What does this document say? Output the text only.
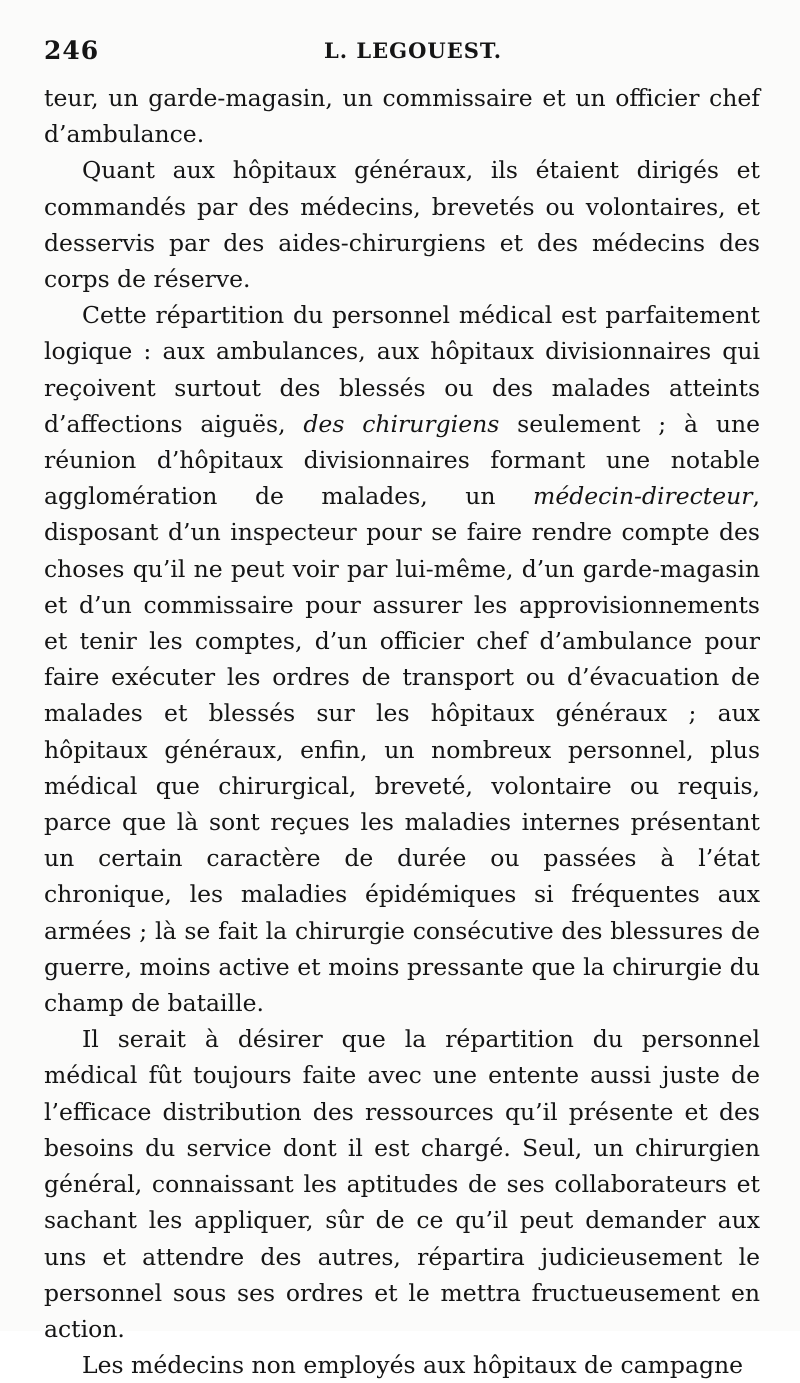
246	L. LEGOUEST.

teur, un garde-magasin, un commissaire et un officier chef d’ambulance.

Quant aux hôpitaux généraux, ils étaient dirigés et commandés par des médecins, brevetés ou volontaires, et desservis par des aides-chirurgiens et des médecins des corps de réserve.

Cette répartition du personnel médical est parfaitement logique : aux ambulances, aux hôpitaux divisionnaires qui reçoivent surtout des blessés ou des malades atteints d’affections aiguës, des chirurgiens seulement ; à une réunion d’hôpitaux divisionnaires formant une notable agglomération de malades, un médecin-directeur, disposant d’un inspecteur pour se faire rendre compte des choses qu’il ne peut voir par lui-même, d’un garde-magasin et d’un commissaire pour assurer les approvisionnements et tenir les comptes, d’un officier chef d’ambulance pour faire exécuter les ordres de transport ou d’évacuation de malades et blessés sur les hôpitaux généraux ; aux hôpitaux généraux, enfin, un nombreux personnel, plus médical que chirurgical, breveté, volontaire ou requis, parce que là sont reçues les maladies internes présentant un certain caractère de durée ou passées à l’état chronique, les maladies épidémiques si fréquentes aux armées ; là se fait la chirurgie consécutive des blessures de guerre, moins active et moins pressante que la chirurgie du champ de bataille.

Il serait à désirer que la répartition du personnel médical fût toujours faite avec une entente aussi juste de l’efficace distribution des ressources qu’il présente et des besoins du service dont il est chargé. Seul, un chirurgien général, connaissant les aptitudes de ses collaborateurs et sachant les appliquer, sûr de ce qu’il peut demander aux uns et attendre des autres, répartira judicieusement le personnel sous ses ordres et le mettra fructueusement en action.

Les médecins non employés aux hôpitaux de campagne
